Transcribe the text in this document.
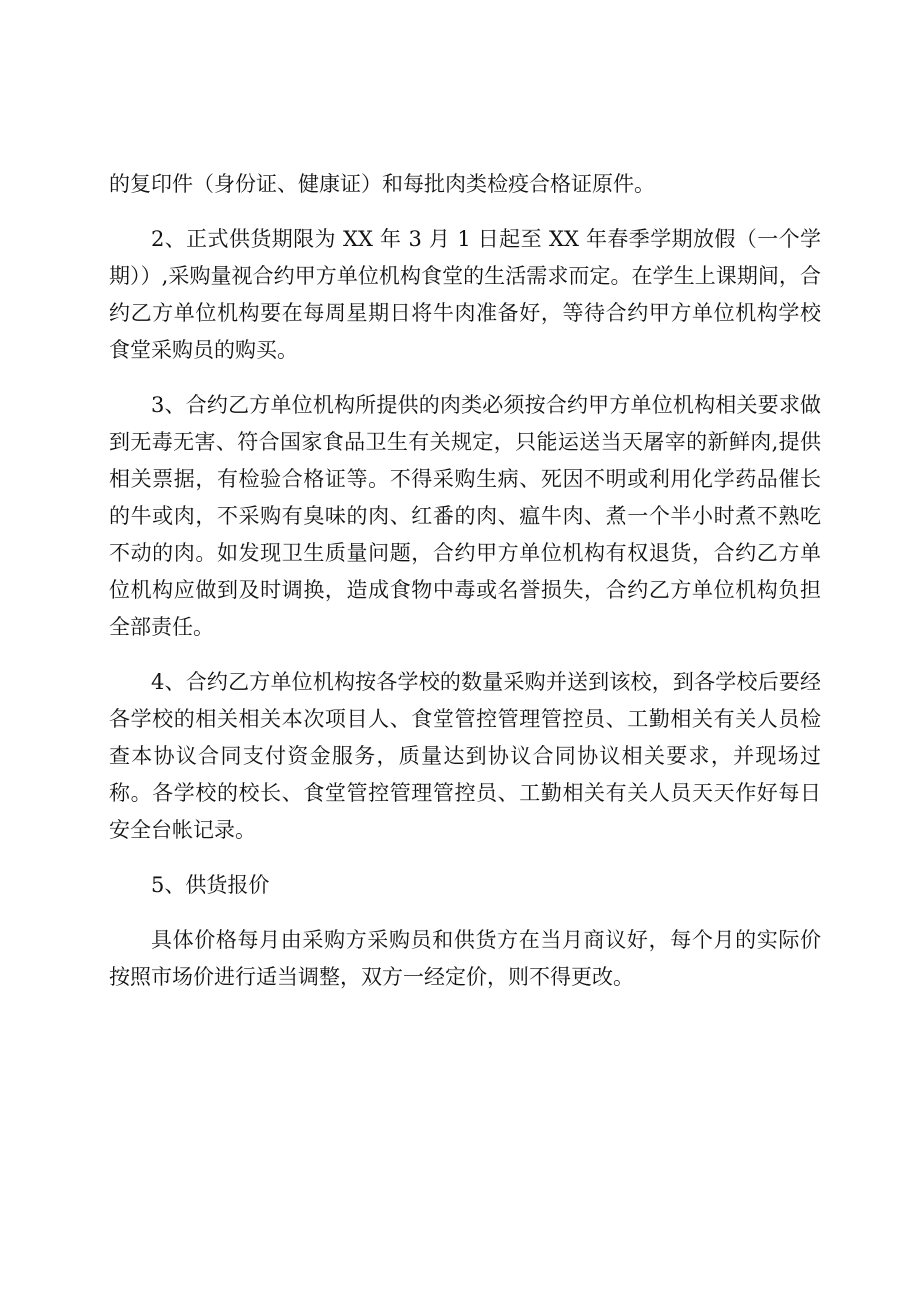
的复印件（身份证、健康证）和每批肉类检疫合格证原件。

2、正式供货期限为 XX 年 3 月 1 日起至 XX 年春季学期放假（一个学期））,采购量视合约甲方单位机构食堂的生活需求而定。在学生上课期间，合约乙方单位机构要在每周星期日将牛肉准备好，等待合约甲方单位机构学校食堂采购员的购买。

3、合约乙方单位机构所提供的肉类必须按合约甲方单位机构相关要求做到无毒无害、符合国家食品卫生有关规定，只能运送当天屠宰的新鲜肉,提供相关票据，有检验合格证等。不得采购生病、死因不明或利用化学药品催长的牛或肉，不采购有臭味的肉、红番的肉、瘟牛肉、煮一个半小时煮不熟吃不动的肉。如发现卫生质量问题，合约甲方单位机构有权退货，合约乙方单位机构应做到及时调换，造成食物中毒或名誉损失，合约乙方单位机构负担全部责任。

4、合约乙方单位机构按各学校的数量采购并送到该校，到各学校后要经各学校的相关相关本次项目人、食堂管控管理管控员、工勤相关有关人员检查本协议合同支付资金服务，质量达到协议合同协议相关要求，并现场过称。各学校的校长、食堂管控管理管控员、工勤相关有关人员天天作好每日安全台帐记录。

5、供货报价

具体价格每月由采购方采购员和供货方在当月商议好，每个月的实际价按照市场价进行适当调整，双方一经定价，则不得更改。
